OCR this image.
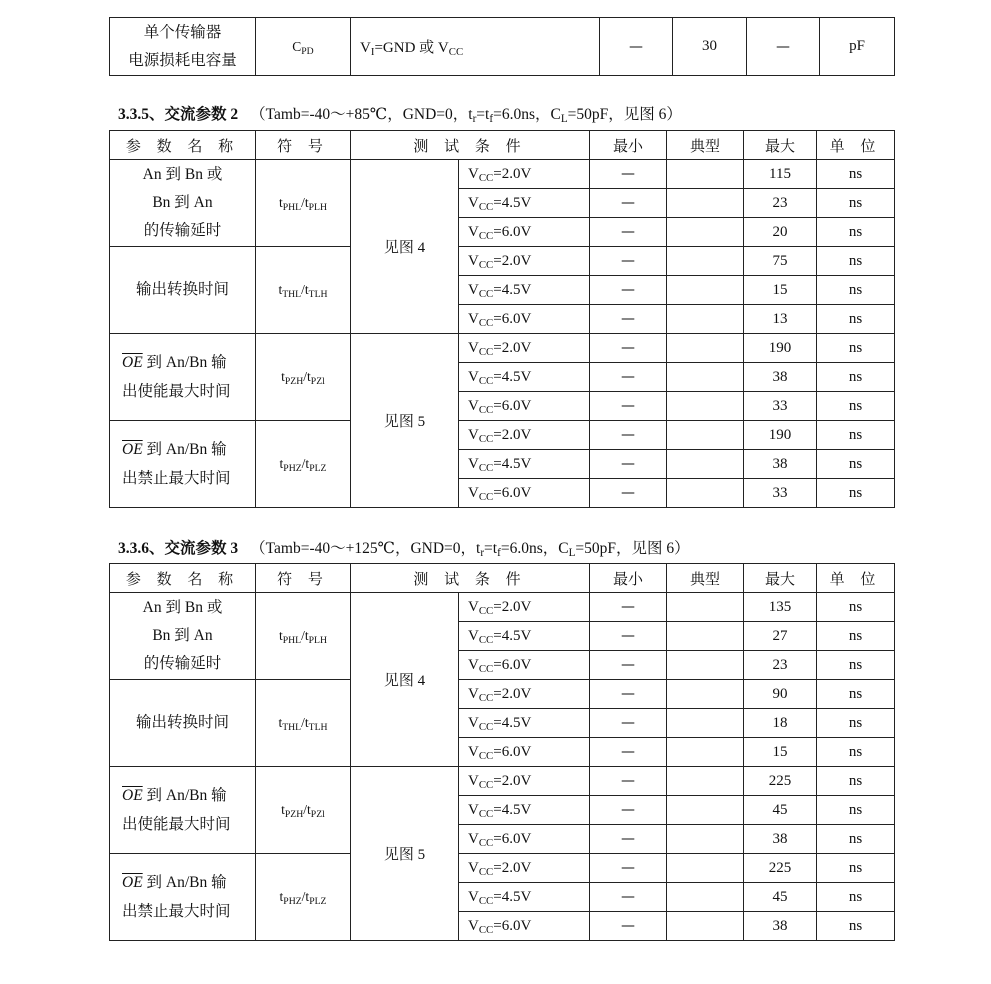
单个传输器
电源损耗电容量
	$C_{PD}$	$V_I=GND$ 或 $V_{CC}$	—	30	—	pF
3.3.5、交流参数 2 （Tamb=-40～+85℃，GND=0，$t_r=t_f=6.0ns$，$C_L=50pF$，见图 6）
参 数 名 称	符 号	测 试 条 件		最小	典型	最大	单 位

An 到 Bn 或
Bn 到 An
的传输延时	$t_{PHL}/t_{PLH}$	见图 4	$V_{CC}=2.0V$	—		115	ns
			$V_{CC}=4.5V$	—		23	ns
			$V_{CC}=6.0V$	—		20	ns

输出转换时间	$t_{THL}/t_{TLH}$		$V_{CC}=2.0V$	—		75	ns
			$V_{CC}=4.5V$	—		15	ns
			$V_{CC}=6.0V$	—		13	ns

$\overline{OE}$ 到 An/Bn 输
出使能最大时间	$t_{PZH}/t_{PZl}$	见图 5	$V_{CC}=2.0V$	—		190	ns
			$V_{CC}=4.5V$	—		38	ns
			$V_{CC}=6.0V$	—		33	ns

$\overline{OE}$ 到 An/Bn 输
出禁止最大时间	$t_{PHZ}/t_{PLZ}$		$V_{CC}=2.0V$	—		190	ns
			$V_{CC}=4.5V$	—		38	ns
			$V_{CC}=6.0V$	—		33	ns
3.3.6、交流参数 3 （Tamb=-40～+125℃，GND=0，$t_r=t_f=6.0ns$，$C_L=50pF$，见图 6）
参 数 名 称	符 号	测 试 条 件		最小	典型	最大	单 位

An 到 Bn 或
Bn 到 An
的传输延时	$t_{PHL}/t_{PLH}$	见图 4	$V_{CC}=2.0V$	—		135	ns
			$V_{CC}=4.5V$	—		27	ns
			$V_{CC}=6.0V$	—		23	ns

输出转换时间	$t_{THL}/t_{TLH}$		$V_{CC}=2.0V$	—		90	ns
			$V_{CC}=4.5V$	—		18	ns
			$V_{CC}=6.0V$	—		15	ns

$\overline{OE}$ 到 An/Bn 输
出使能最大时间	$t_{PZH}/t_{PZl}$	见图 5	$V_{CC}=2.0V$	—		225	ns
			$V_{CC}=4.5V$	—		45	ns
			$V_{CC}=6.0V$	—		38	ns

$\overline{OE}$ 到 An/Bn 输
出禁止最大时间	$t_{PHZ}/t_{PLZ}$		$V_{CC}=2.0V$	—		225	ns
			$V_{CC}=4.5V$	—		45	ns
			$V_{CC}=6.0V$	—		38	ns
